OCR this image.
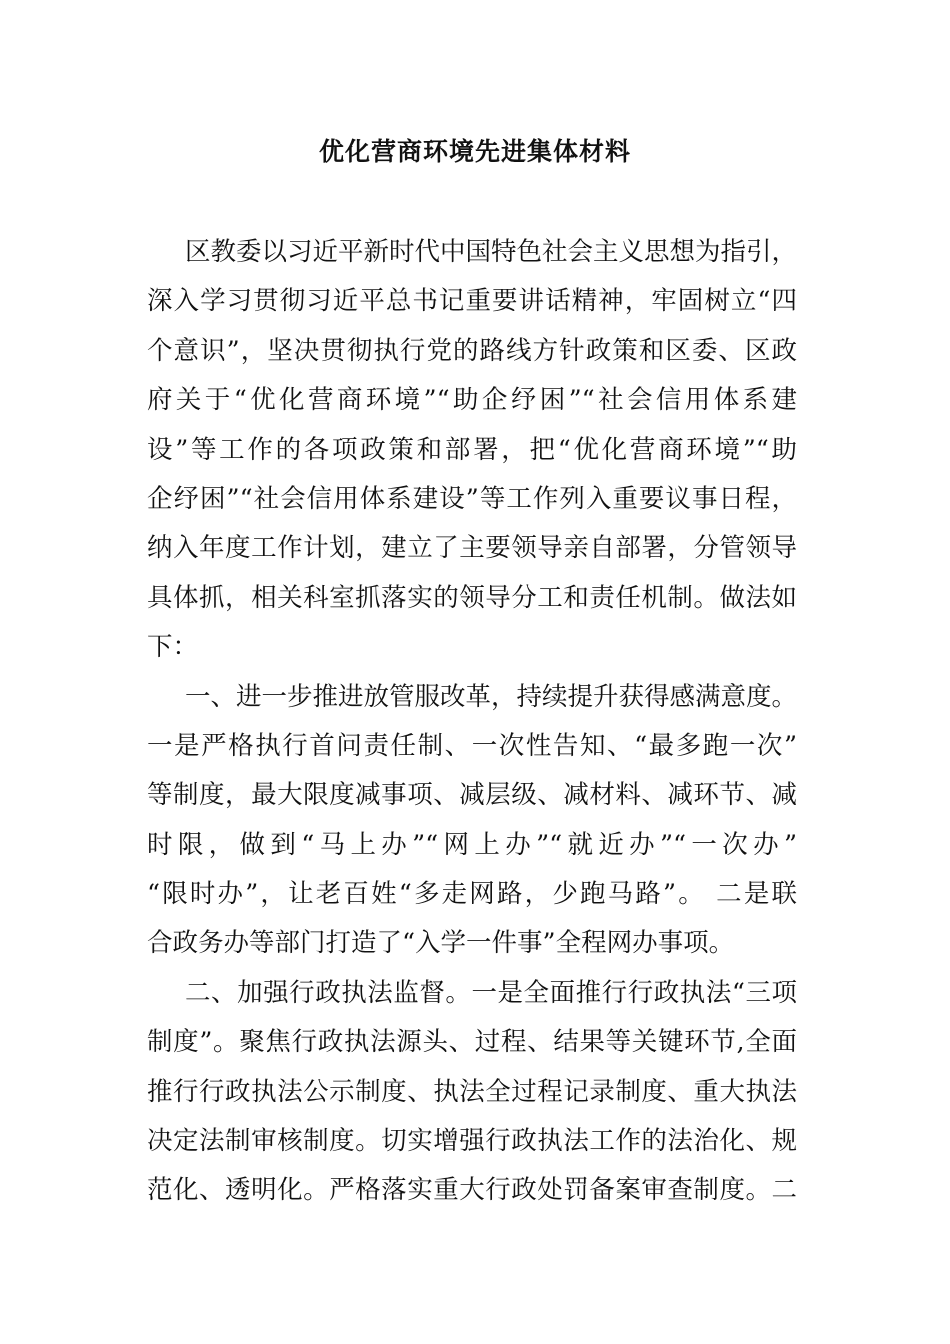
优化营商环境先进集体材料
区教委以习近平新时代中国特色社会主义思想为指引，
深入学习贯彻习近平总书记重要讲话精神，牢固树立“四
个意识”，坚决贯彻执行党的路线方针政策和区委、区政
府关于“优化营商环境”“助企纾困”“社会信用体系建
设”等工作的各项政策和部署，把“优化营商环境”“助
企纾困”“社会信用体系建设”等工作列入重要议事日程，
纳入年度工作计划，建立了主要领导亲自部署，分管领导
具体抓，相关科室抓落实的领导分工和责任机制。做法如
下：
一、进一步推进放管服改革，持续提升获得感满意度。
一是严格执行首问责任制、一次性告知、“最多跑一次”
等制度，最大限度减事项、减层级、减材料、减环节、减
时限，做到“马上办”“网上办”“就近办”“一次办”
“限时办”，让老百姓“多走网路，少跑马路”。 二是联
合政务办等部门打造了“入学一件事”全程网办事项。
二、加强行政执法监督。一是全面推行行政执法“三项
制度”。聚焦行政执法源头、过程、结果等关键环节,全面
推行行政执法公示制度、执法全过程记录制度、重大执法
决定法制审核制度。切实增强行政执法工作的法治化、规
范化、透明化。严格落实重大行政处罚备案审查制度。二
